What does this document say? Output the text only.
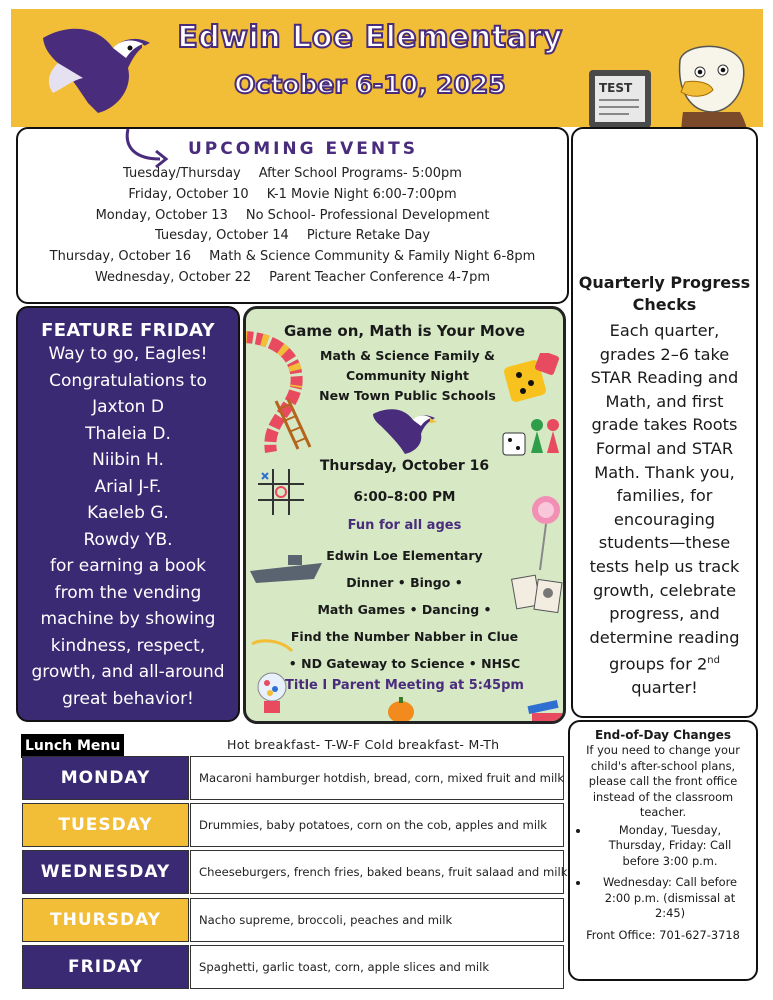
Edwin Loe Elementary
October 6-10, 2025	TEST
UPCOMING EVENTS
Tuesday/Thursday After School Programs- 5:00pm
Friday, October 10 K-1 Movie Night 6:00-7:00pm
Monday, October 13 No School- Professional Development
Tuesday, October 14 Picture Retake Day
Thursday, October 16 Math & Science Community & Family Night 6-8pm
Wednesday, October 22 Parent Teacher Conference 4-7pm	Quarterly Progress
Checks
Each quarter, grades 2–6 take STAR Reading and Math, and first grade takes Roots Formal and STAR Math. Thank you, families, for encouraging students—these tests help us track growth, celebrate progress, and determine reading groups for 2nd quarter!
End-of-Day Changes
If you need to change your child's after-school plans, please call the front office instead of the classroom teacher.
• Monday, Tuesday, Thursday, Friday: Call before 3:00 p.m.
• Wednesday: Call before 2:00 p.m. (dismissal at 2:45)
Front Office: 701-627-3718
FEATURE FRIDAY
Way to go, Eagles!
Congratulations to
Jaxton D
Thaleia D.
Niibin H.
Arial J-F.
Kaeleb G.
Rowdy YB.
for earning a book
from the vending
machine by showing
kindness, respect,
growth, and all-around
great behavior!
Game on, Math is Your Move
Math & Science Family &
Community Night
New Town Public Schools
Thursday, October 16
6:00–8:00 PM
Fun for all ages
Edwin Loe Elementary
Dinner • Bingo •
Math Games • Dancing •
Find the Number Nabber in Clue
• ND Gateway to Science • NHSC
Title I Parent Meeting at 5:45pm
Lunch Menu	Hot breakfast- T-W-F Cold breakfast- M-Th
MONDAY	Macaroni hamburger hotdish, bread, corn, mixed fruit and milk
TUESDAY	Drummies, baby potatoes, corn on the cob, apples and milk
WEDNESDAY	Cheeseburgers, french fries, baked beans, fruit salaad and milk
THURSDAY	Nacho supreme, broccoli, peaches and milk
FRIDAY	Spaghetti, garlic toast, corn, apple slices and milk
